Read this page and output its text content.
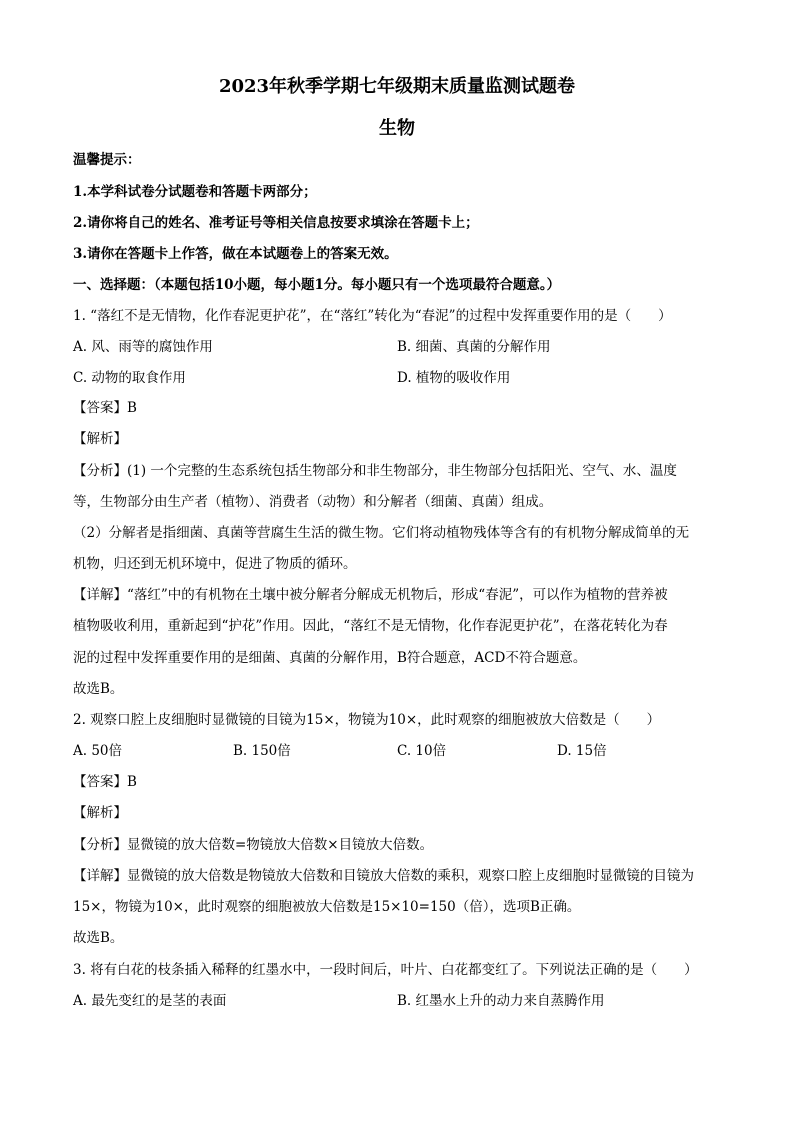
2023年秋季学期七年级期末质量监测试题卷
生物
温馨提示：
1.本学科试卷分试题卷和答题卡两部分；
2.请你将自己的姓名、准考证号等相关信息按要求填涂在答题卡上；
3.请你在答题卡上作答，做在本试题卷上的答案无效。
一、选择题：（本题包括10小题，每小题1分。每小题只有一个选项最符合题意。）
1. “落红不是无情物，化作春泥更护花”，在“落红”转化为“春泥”的过程中发挥重要作用的是（　　）
A. 风、雨等的腐蚀作用	B. 细菌、真菌的分解作用
C. 动物的取食作用	D. 植物的吸收作用
【答案】B
【解析】
【分析】(1) 一个完整的生态系统包括生物部分和非生物部分，非生物部分包括阳光、空气、水、温度
等，生物部分由生产者（植物）、消费者（动物）和分解者（细菌、真菌）组成。
（2）分解者是指细菌、真菌等营腐生生活的微生物。它们将动植物残体等含有的有机物分解成简单的无
机物，归还到无机环境中，促进了物质的循环。
【详解】“落红”中的有机物在土壤中被分解者分解成无机物后，形成“春泥”，可以作为植物的营养被
植物吸收利用，重新起到“护花”作用。因此，“落红不是无情物，化作春泥更护花”，在落花转化为春
泥的过程中发挥重要作用的是细菌、真菌的分解作用，B符合题意，ACD不符合题意。
故选B。
2. 观察口腔上皮细胞时显微镜的目镜为15×，物镜为10×，此时观察的细胞被放大倍数是（　　）
A. 50倍	B. 150倍	C. 10倍	D. 15倍
【答案】B
【解析】
【分析】显微镜的放大倍数=物镜放大倍数×目镜放大倍数。
【详解】显微镜的放大倍数是物镜放大倍数和目镜放大倍数的乘积，观察口腔上皮细胞时显微镜的目镜为
15×，物镜为10×，此时观察的细胞被放大倍数是15×10=150（倍），选项B正确。
故选B。
3. 将有白花的枝条插入稀释的红墨水中，一段时间后，叶片、白花都变红了。下列说法正确的是（　　）
A. 最先变红的是茎的表面	B. 红墨水上升的动力来自蒸腾作用
